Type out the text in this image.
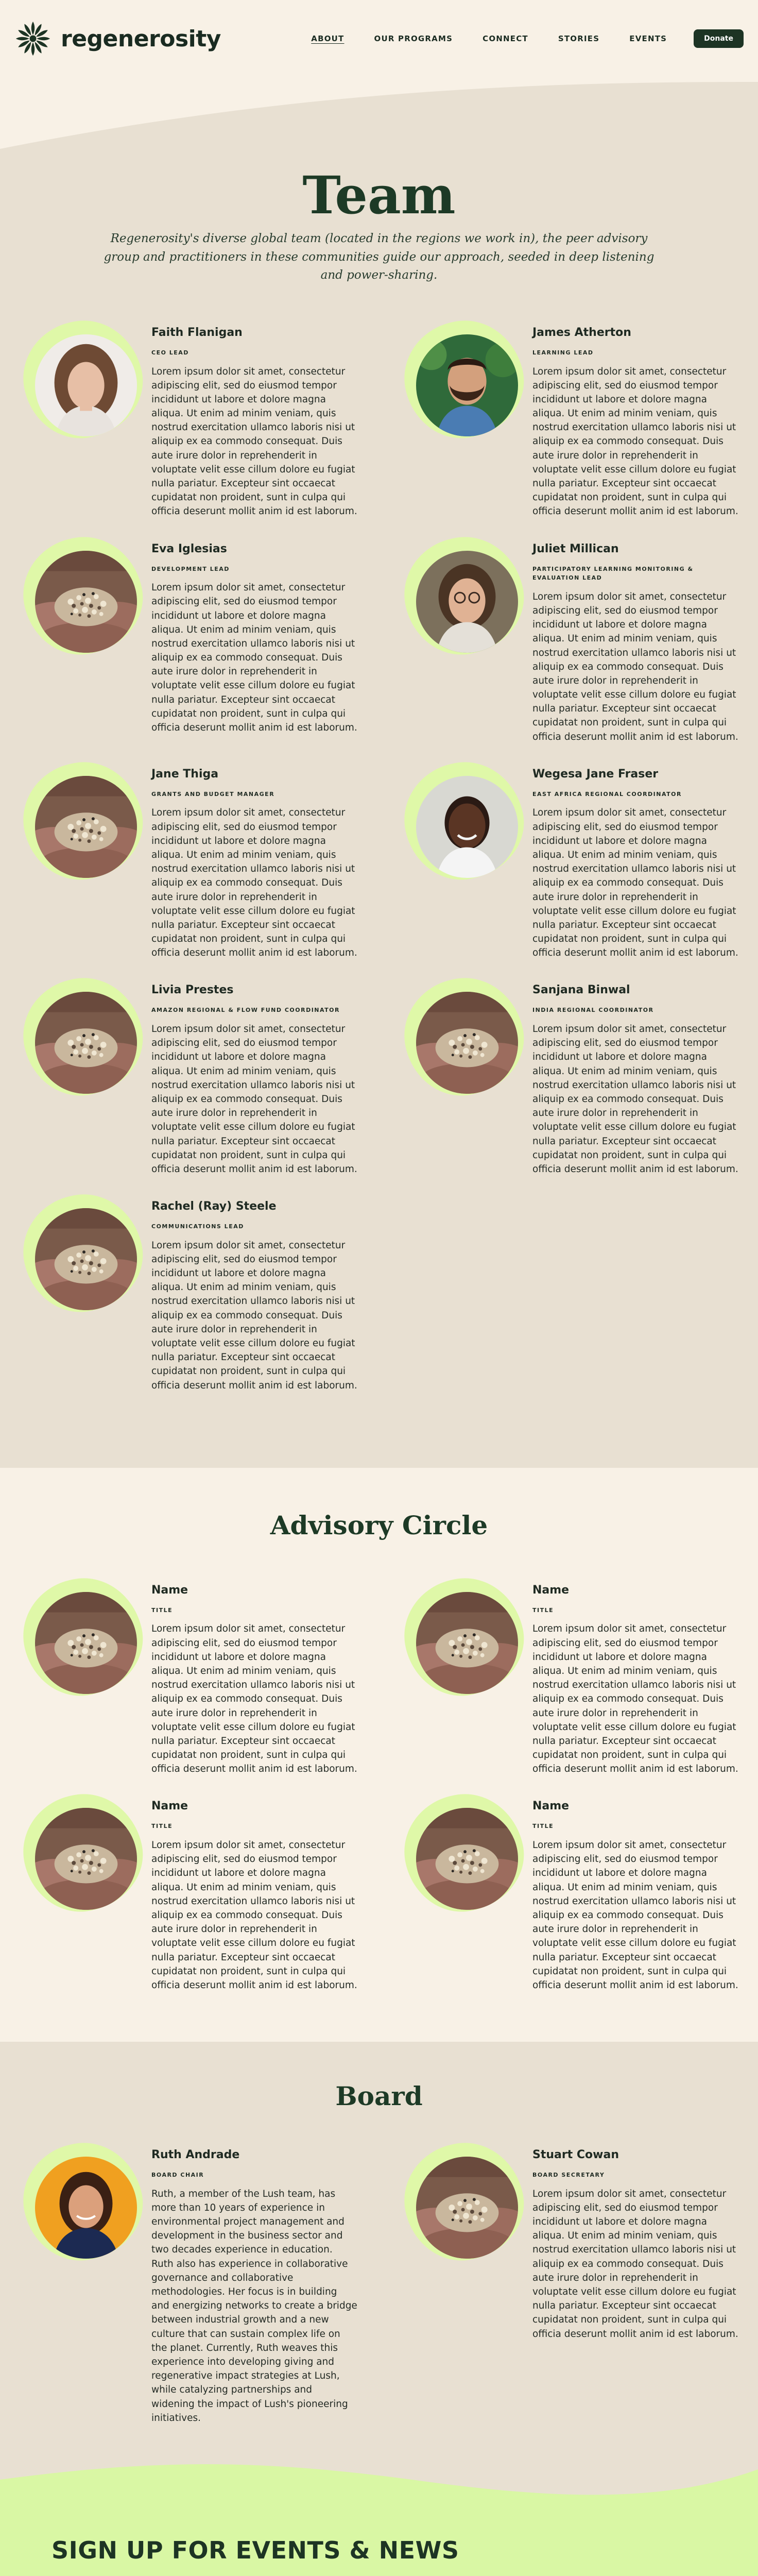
regenerosity	ABOUT	OUR PROGRAMS	CONNECT	STORIES	EVENTS	Donate
Team

Regenerosity's diverse global team (located in the regions we work in), the peer advisory group and practitioners in these communities guide our approach, seeded in deep listening and power-sharing.

Faith Flanigan
CEO LEAD

Lorem ipsum dolor sit amet, consectetur adipiscing elit, sed do eiusmod tempor incididunt ut labore et dolore magna aliqua. Ut enim ad minim veniam, quis nostrud exercitation ullamco laboris nisi ut aliquip ex ea commodo consequat. Duis aute irure dolor in reprehenderit in voluptate velit esse cillum dolore eu fugiat nulla pariatur. Excepteur sint occaecat cupidatat non proident, sunt in culpa qui officia deserunt mollit anim id est laborum.

James Atherton
LEARNING LEAD

Lorem ipsum dolor sit amet, consectetur adipiscing elit, sed do eiusmod tempor incididunt ut labore et dolore magna aliqua. Ut enim ad minim veniam, quis nostrud exercitation ullamco laboris nisi ut aliquip ex ea commodo consequat. Duis aute irure dolor in reprehenderit in voluptate velit esse cillum dolore eu fugiat nulla pariatur. Excepteur sint occaecat cupidatat non proident, sunt in culpa qui officia deserunt mollit anim id est laborum.

Eva Iglesias
DEVELOPMENT LEAD

Lorem ipsum dolor sit amet, consectetur adipiscing elit, sed do eiusmod tempor incididunt ut labore et dolore magna aliqua. Ut enim ad minim veniam, quis nostrud exercitation ullamco laboris nisi ut aliquip ex ea commodo consequat. Duis aute irure dolor in reprehenderit in voluptate velit esse cillum dolore eu fugiat nulla pariatur. Excepteur sint occaecat cupidatat non proident, sunt in culpa qui officia deserunt mollit anim id est laborum.

Juliet Millican
PARTICIPATORY LEARNING MONITORING & EVALUATION LEAD

Lorem ipsum dolor sit amet, consectetur adipiscing elit, sed do eiusmod tempor incididunt ut labore et dolore magna aliqua. Ut enim ad minim veniam, quis nostrud exercitation ullamco laboris nisi ut aliquip ex ea commodo consequat. Duis aute irure dolor in reprehenderit in voluptate velit esse cillum dolore eu fugiat nulla pariatur. Excepteur sint occaecat cupidatat non proident, sunt in culpa qui officia deserunt mollit anim id est laborum.

Jane Thiga
GRANTS AND BUDGET MANAGER

Lorem ipsum dolor sit amet, consectetur adipiscing elit, sed do eiusmod tempor incididunt ut labore et dolore magna aliqua. Ut enim ad minim veniam, quis nostrud exercitation ullamco laboris nisi ut aliquip ex ea commodo consequat. Duis aute irure dolor in reprehenderit in voluptate velit esse cillum dolore eu fugiat nulla pariatur. Excepteur sint occaecat cupidatat non proident, sunt in culpa qui officia deserunt mollit anim id est laborum.

Wegesa Jane Fraser
EAST AFRICA REGIONAL COORDINATOR

Lorem ipsum dolor sit amet, consectetur adipiscing elit, sed do eiusmod tempor incididunt ut labore et dolore magna aliqua. Ut enim ad minim veniam, quis nostrud exercitation ullamco laboris nisi ut aliquip ex ea commodo consequat. Duis aute irure dolor in reprehenderit in voluptate velit esse cillum dolore eu fugiat nulla pariatur. Excepteur sint occaecat cupidatat non proident, sunt in culpa qui officia deserunt mollit anim id est laborum.

Livia Prestes
AMAZON REGIONAL & FLOW FUND COORDINATOR

Lorem ipsum dolor sit amet, consectetur adipiscing elit, sed do eiusmod tempor incididunt ut labore et dolore magna aliqua. Ut enim ad minim veniam, quis nostrud exercitation ullamco laboris nisi ut aliquip ex ea commodo consequat. Duis aute irure dolor in reprehenderit in voluptate velit esse cillum dolore eu fugiat nulla pariatur. Excepteur sint occaecat cupidatat non proident, sunt in culpa qui officia deserunt mollit anim id est laborum.

Sanjana Binwal
INDIA REGIONAL COORDINATOR

Lorem ipsum dolor sit amet, consectetur adipiscing elit, sed do eiusmod tempor incididunt ut labore et dolore magna aliqua. Ut enim ad minim veniam, quis nostrud exercitation ullamco laboris nisi ut aliquip ex ea commodo consequat. Duis aute irure dolor in reprehenderit in voluptate velit esse cillum dolore eu fugiat nulla pariatur. Excepteur sint occaecat cupidatat non proident, sunt in culpa qui officia deserunt mollit anim id est laborum.

Rachel (Ray) Steele
COMMUNICATIONS LEAD

Lorem ipsum dolor sit amet, consectetur adipiscing elit, sed do eiusmod tempor incididunt ut labore et dolore magna aliqua. Ut enim ad minim veniam, quis nostrud exercitation ullamco laboris nisi ut aliquip ex ea commodo consequat. Duis aute irure dolor in reprehenderit in voluptate velit esse cillum dolore eu fugiat nulla pariatur. Excepteur sint occaecat cupidatat non proident, sunt in culpa qui officia deserunt mollit anim id est laborum.

Advisory Circle
Name
TITLE

Lorem ipsum dolor sit amet, consectetur adipiscing elit, sed do eiusmod tempor incididunt ut labore et dolore magna aliqua. Ut enim ad minim veniam, quis nostrud exercitation ullamco laboris nisi ut aliquip ex ea commodo consequat. Duis aute irure dolor in reprehenderit in voluptate velit esse cillum dolore eu fugiat nulla pariatur. Excepteur sint occaecat cupidatat non proident, sunt in culpa qui officia deserunt mollit anim id est laborum.

Name
TITLE

Lorem ipsum dolor sit amet, consectetur adipiscing elit, sed do eiusmod tempor incididunt ut labore et dolore magna aliqua. Ut enim ad minim veniam, quis nostrud exercitation ullamco laboris nisi ut aliquip ex ea commodo consequat. Duis aute irure dolor in reprehenderit in voluptate velit esse cillum dolore eu fugiat nulla pariatur. Excepteur sint occaecat cupidatat non proident, sunt in culpa qui officia deserunt mollit anim id est laborum.

Name
TITLE

Lorem ipsum dolor sit amet, consectetur adipiscing elit, sed do eiusmod tempor incididunt ut labore et dolore magna aliqua. Ut enim ad minim veniam, quis nostrud exercitation ullamco laboris nisi ut aliquip ex ea commodo consequat. Duis aute irure dolor in reprehenderit in voluptate velit esse cillum dolore eu fugiat nulla pariatur. Excepteur sint occaecat cupidatat non proident, sunt in culpa qui officia deserunt mollit anim id est laborum.

Name
TITLE

Lorem ipsum dolor sit amet, consectetur adipiscing elit, sed do eiusmod tempor incididunt ut labore et dolore magna aliqua. Ut enim ad minim veniam, quis nostrud exercitation ullamco laboris nisi ut aliquip ex ea commodo consequat. Duis aute irure dolor in reprehenderit in voluptate velit esse cillum dolore eu fugiat nulla pariatur. Excepteur sint occaecat cupidatat non proident, sunt in culpa qui officia deserunt mollit anim id est laborum.

Board
Ruth Andrade
BOARD CHAIR

Ruth, a member of the Lush team, has more than 10 years of experience in environmental project management and development in the business sector and two decades experience in education. Ruth also has experience in collaborative governance and collaborative methodologies. Her focus is in building and energizing networks to create a bridge between industrial growth and a new culture that can sustain complex life on the planet. Currently, Ruth weaves this experience into developing giving and regenerative impact strategies at Lush, while catalyzing partnerships and widening the impact of Lush's pioneering initiatives.

Stuart Cowan
BOARD SECRETARY

Lorem ipsum dolor sit amet, consectetur adipiscing elit, sed do eiusmod tempor incididunt ut labore et dolore magna aliqua. Ut enim ad minim veniam, quis nostrud exercitation ullamco laboris nisi ut aliquip ex ea commodo consequat. Duis aute irure dolor in reprehenderit in voluptate velit esse cillum dolore eu fugiat nulla pariatur. Excepteur sint occaecat cupidatat non proident, sunt in culpa qui officia deserunt mollit anim id est laborum.

SIGN UP FOR EVENTS & NEWS
